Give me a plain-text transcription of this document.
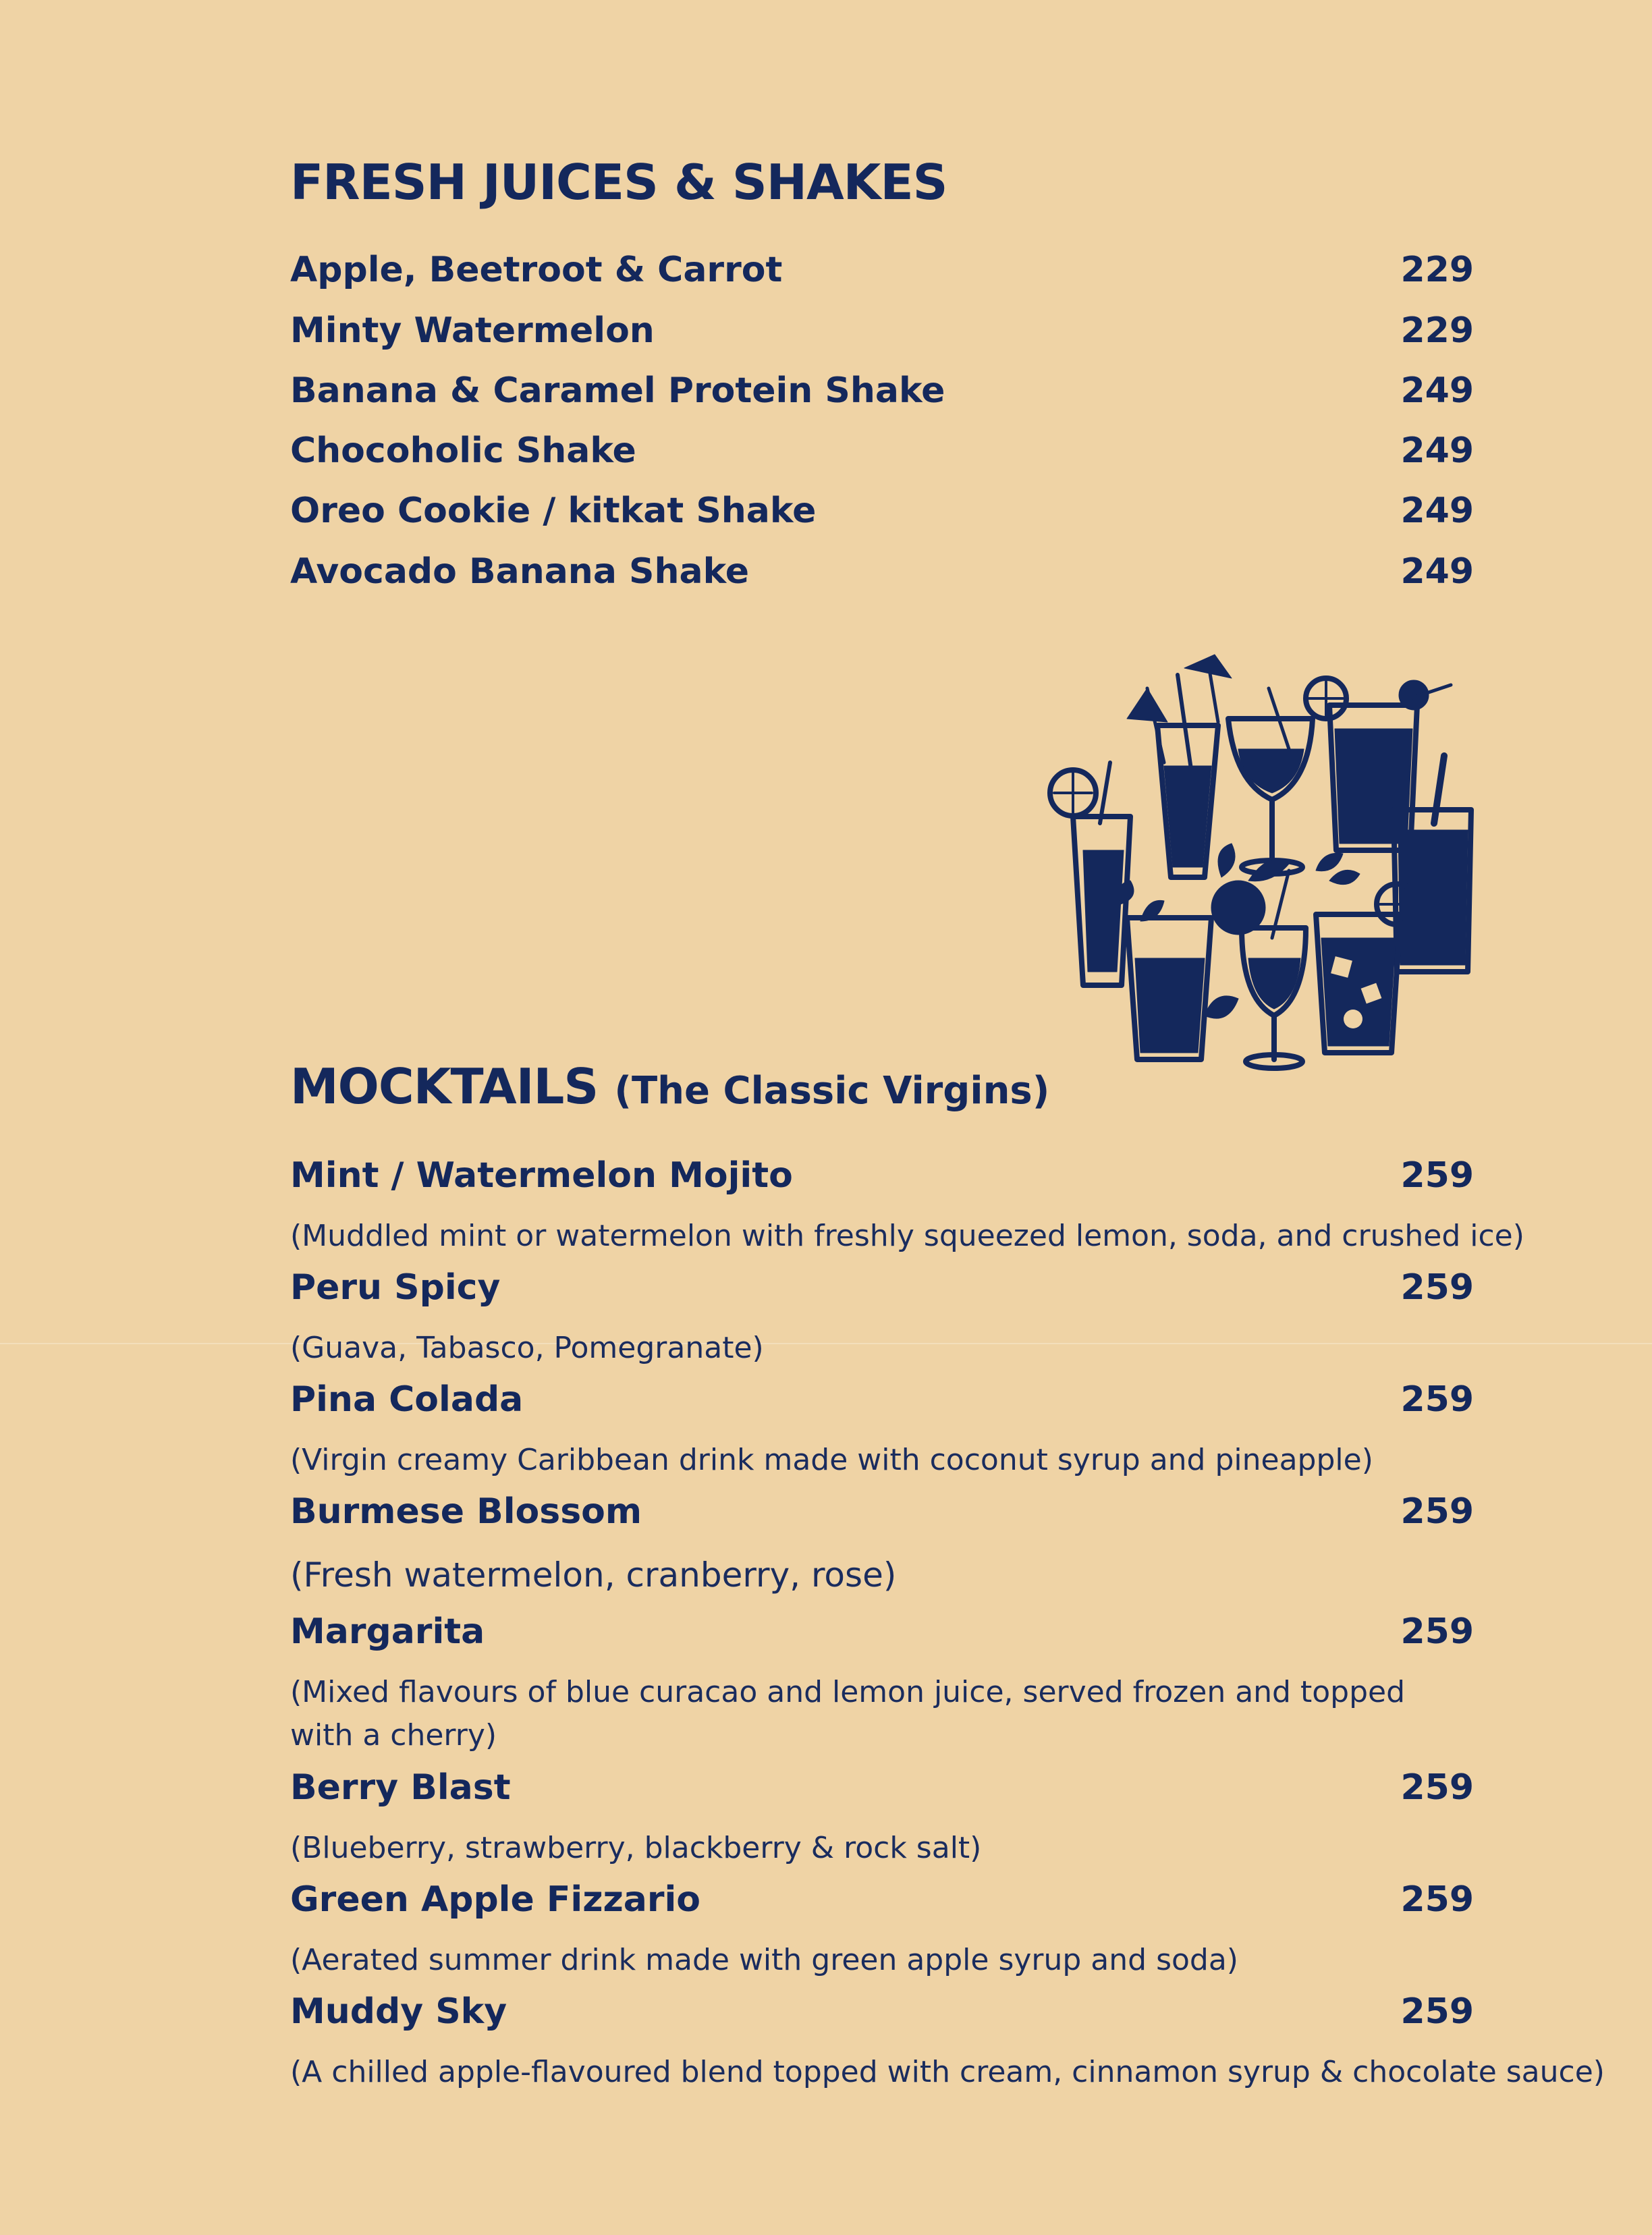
FRESH JUICES & SHAKES
Apple, Beetroot & Carrot	229
Minty Watermelon	229
Banana & Caramel Protein Shake	249
Chocoholic Shake	249
Oreo Cookie / kitkat Shake	249
Avocado Banana Shake	249
MOCKTAILS (The Classic Virgins)
Mint / Watermelon Mojito	259
(Muddled mint or watermelon with freshly squeezed lemon, soda, and crushed ice)
Peru Spicy	259
(Guava, Tabasco, Pomegranate)
Pina Colada	259
(Virgin creamy Caribbean drink made with coconut syrup and pineapple)
Burmese Blossom	259
(Fresh watermelon, cranberry, rose)
Margarita	259
(Mixed flavours of blue curacao and lemon juice, served frozen and topped with a cherry)
Berry Blast	259
(Blueberry, strawberry, blackberry & rock salt)
Green Apple Fizzario	259
(Aerated summer drink made with green apple syrup and soda)
Muddy Sky	259
(A chilled apple-flavoured blend topped with cream, cinnamon syrup & chocolate sauce)
